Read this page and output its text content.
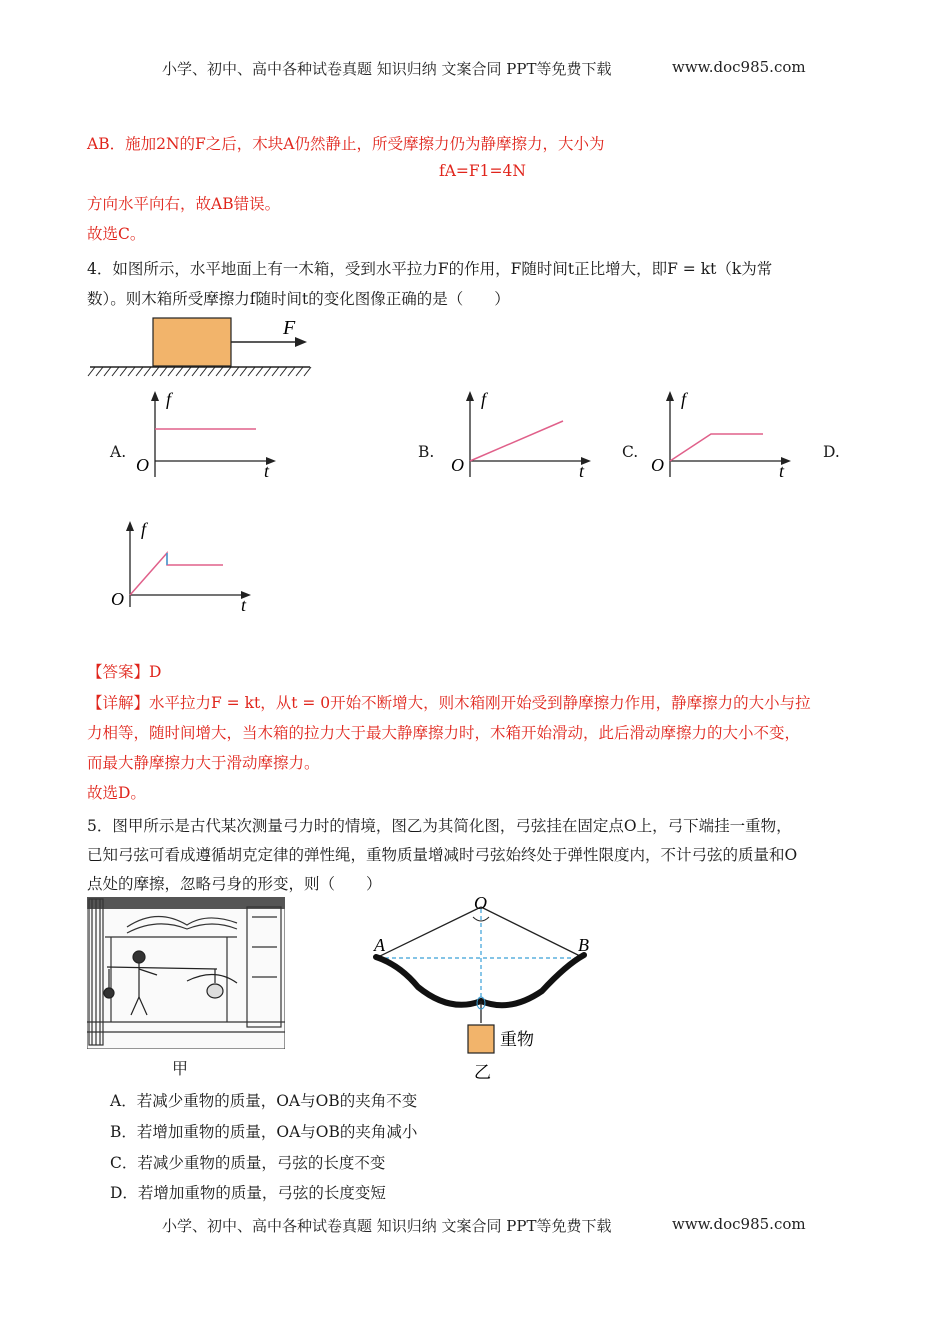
小学、初中、高中各种试卷真题 知识归纳 文案合同 PPT等免费下载	www.doc985.com
AB．施加2N的F之后，木块A仍然静止，所受摩擦力仍为静摩擦力，大小为
fA=F1=4N
方向水平向右，故AB错误。
故选C。
4．如图所示，水平地面上有一木箱，受到水平拉力F的作用，F随时间t正比增大，即F = kt（k为常
数）。则木箱所受摩擦力f随时间t的变化图像正确的是（　　）
F
A.	B.	C.	D.
f
t
O
f
t
O
f
t
O
f
t
O
【答案】D
【详解】水平拉力F = kt，从t = 0开始不断增大，则木箱刚开始受到静摩擦力作用，静摩擦力的大小与拉
力相等，随时间增大，当木箱的拉力大于最大静摩擦力时，木箱开始滑动，此后滑动摩擦力的大小不变，
而最大静摩擦力大于滑动摩擦力。
故选D。
5．图甲所示是古代某次测量弓力时的情境，图乙为其简化图，弓弦挂在固定点O上，弓下端挂一重物，
已知弓弦可看成遵循胡克定律的弹性绳，重物质量增减时弓弦始终处于弹性限度内，不计弓弦的质量和O
点处的摩擦，忽略弓身的形变，则（　　）
甲
O
A	B
重物
乙
A．若减少重物的质量，OA与OB的夹角不变
B．若增加重物的质量，OA与OB的夹角减小
C．若减少重物的质量，弓弦的长度不变
D．若增加重物的质量，弓弦的长度变短
小学、初中、高中各种试卷真题 知识归纳 文案合同 PPT等免费下载	www.doc985.com
